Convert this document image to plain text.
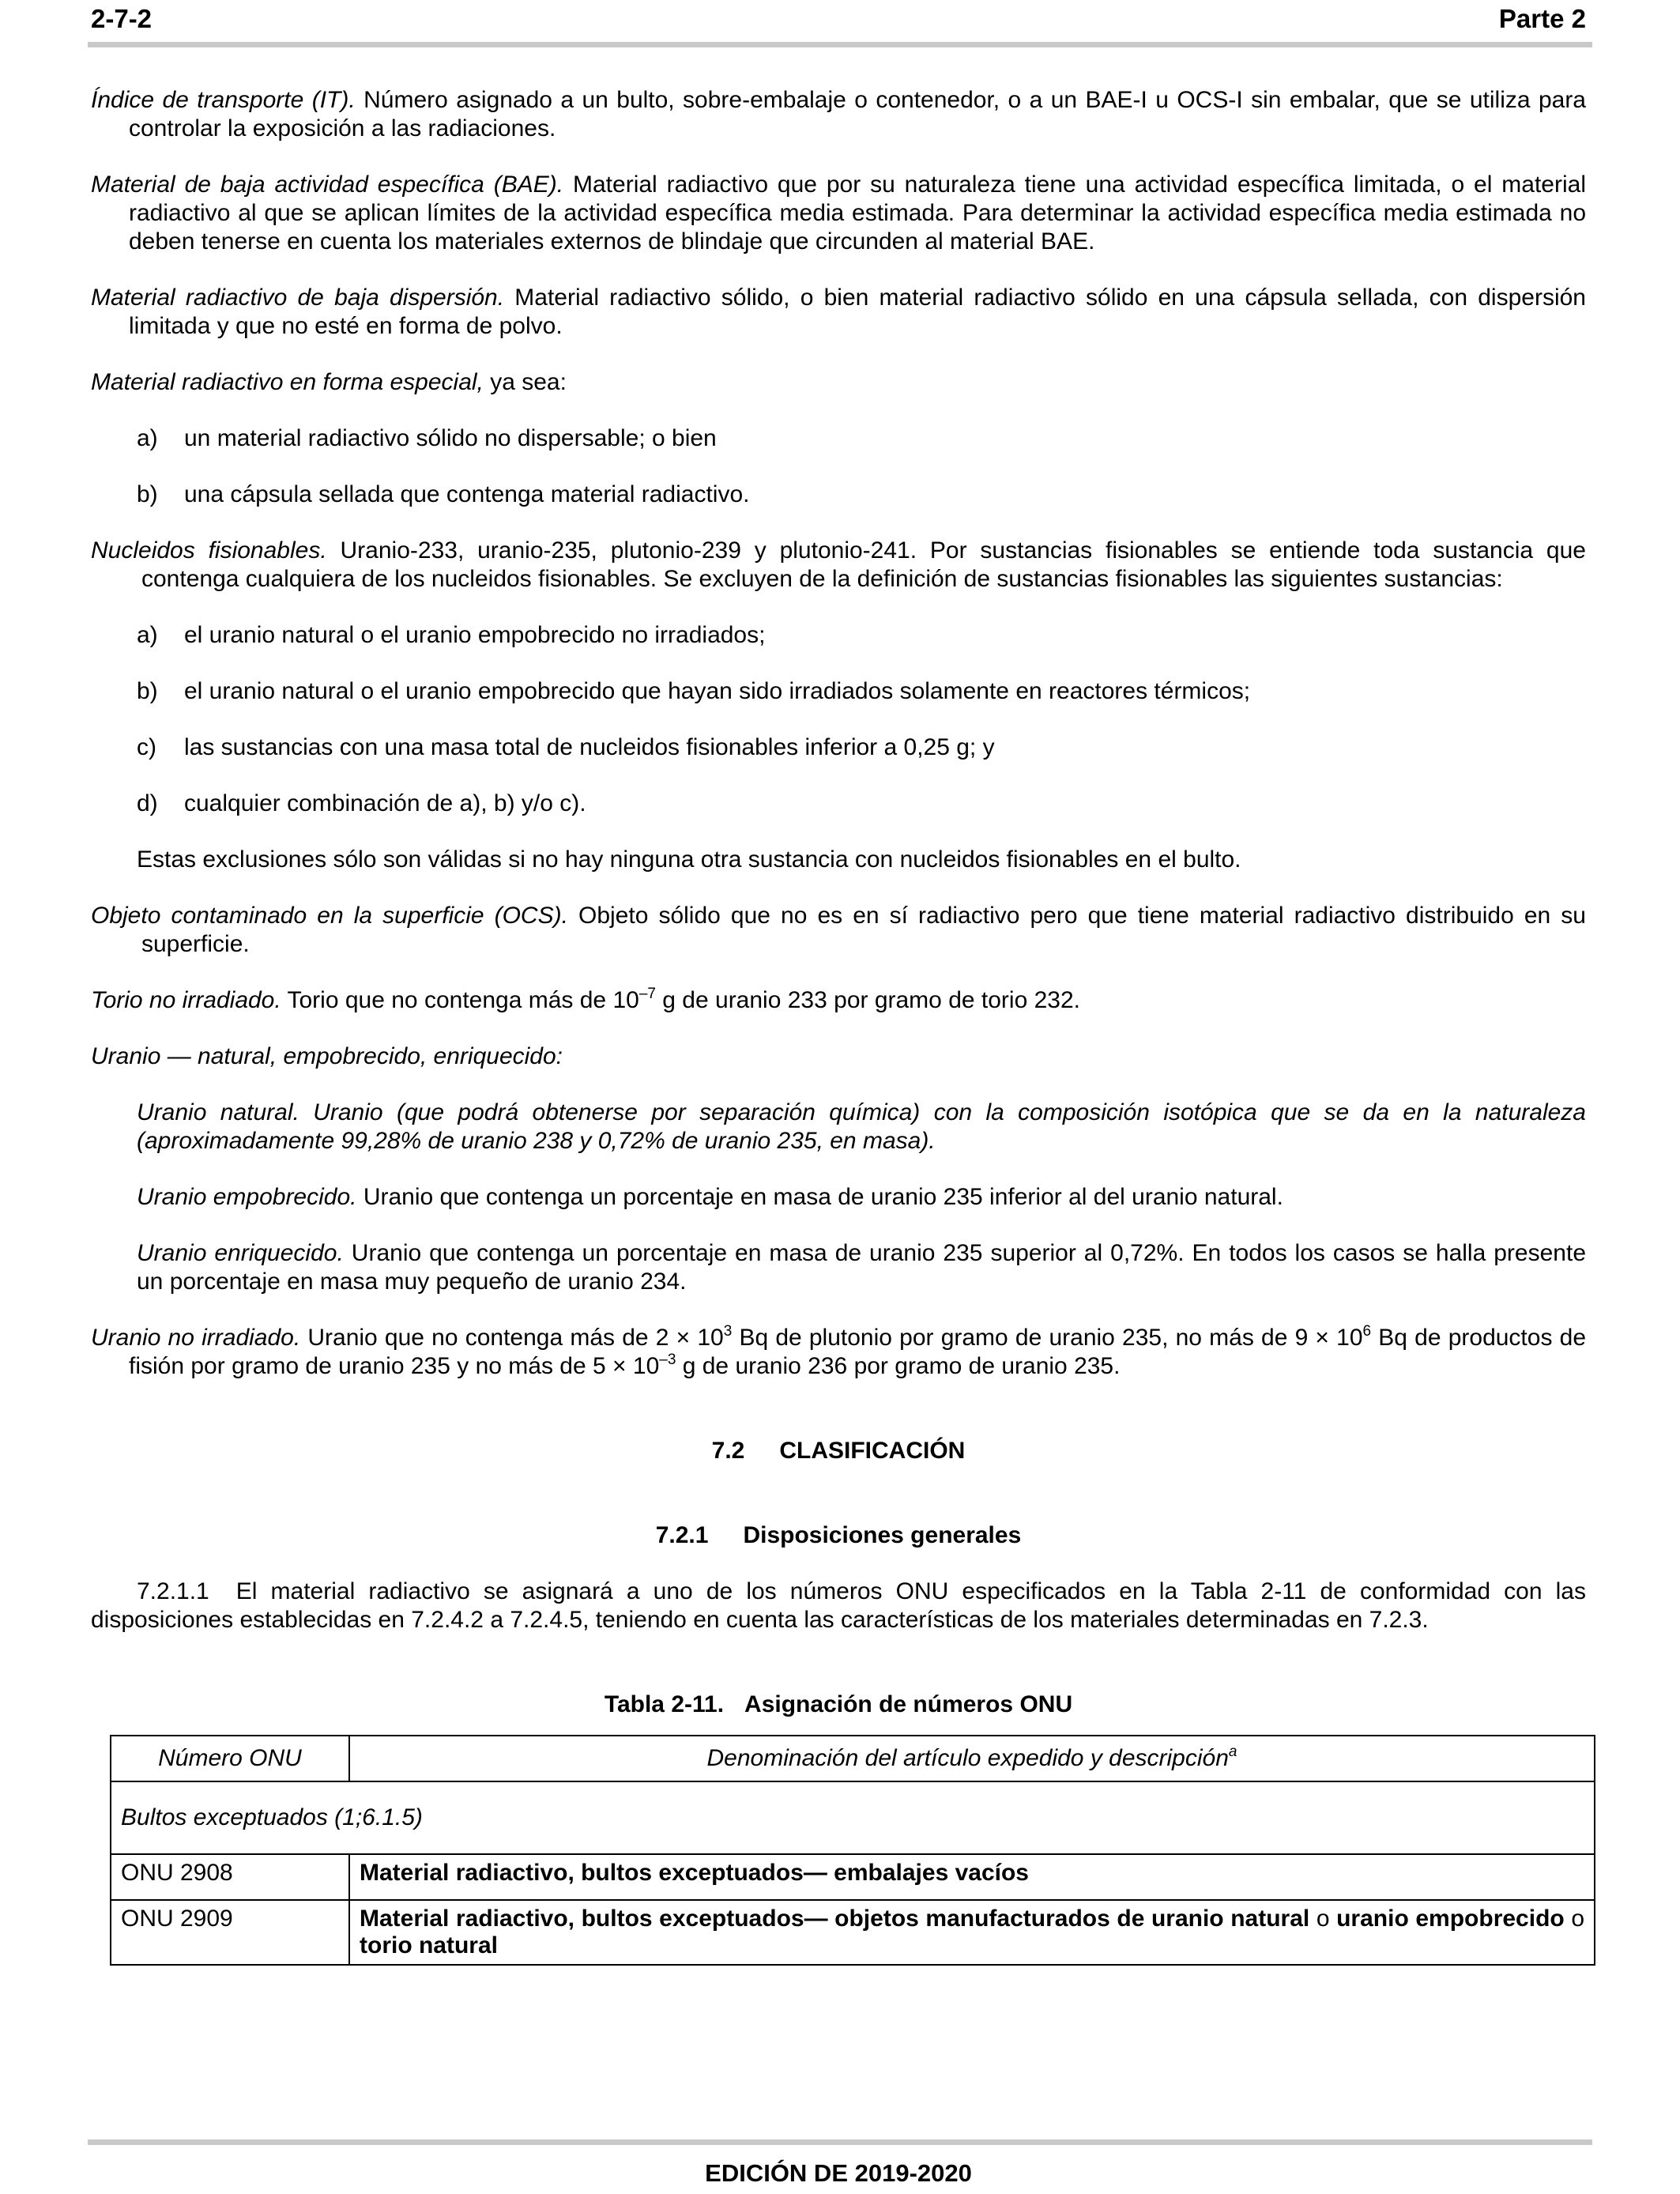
2-7-2	Parte 2

Índice de transporte (IT). Número asignado a un bulto, sobre-embalaje o contenedor, o a un BAE-I u OCS-I sin embalar, que se utiliza para controlar la exposición a las radiaciones.

Material de baja actividad específica (BAE). Material radiactivo que por su naturaleza tiene una actividad específica limitada, o el material radiactivo al que se aplican límites de la actividad específica media estimada. Para determinar la actividad específica media estimada no deben tenerse en cuenta los materiales externos de blindaje que circunden al material BAE.

Material radiactivo de baja dispersión. Material radiactivo sólido, o bien material radiactivo sólido en una cápsula sellada, con dispersión limitada y que no esté en forma de polvo.

Material radiactivo en forma especial, ya sea:

a) un material radiactivo sólido no dispersable; o bien

b) una cápsula sellada que contenga material radiactivo.

Nucleidos fisionables. Uranio-233, uranio-235, plutonio-239 y plutonio-241. Por sustancias fisionables se entiende toda sustancia que contenga cualquiera de los nucleidos fisionables. Se excluyen de la definición de sustancias fisionables las siguientes sustancias:

a) el uranio natural o el uranio empobrecido no irradiados;

b) el uranio natural o el uranio empobrecido que hayan sido irradiados solamente en reactores térmicos;

c) las sustancias con una masa total de nucleidos fisionables inferior a 0,25 g; y

d) cualquier combinación de a), b) y/o c).

Estas exclusiones sólo son válidas si no hay ninguna otra sustancia con nucleidos fisionables en el bulto.

Objeto contaminado en la superficie (OCS). Objeto sólido que no es en sí radiactivo pero que tiene material radiactivo distribuido en su superficie.

Torio no irradiado. Torio que no contenga más de $10^{-7}$ g de uranio 233 por gramo de torio 232.

Uranio — natural, empobrecido, enriquecido:

Uranio natural. Uranio (que podrá obtenerse por separación química) con la composición isotópica que se da en la naturaleza (aproximadamente 99,28% de uranio 238 y 0,72% de uranio 235, en masa).

Uranio empobrecido. Uranio que contenga un porcentaje en masa de uranio 235 inferior al del uranio natural.

Uranio enriquecido. Uranio que contenga un porcentaje en masa de uranio 235 superior al 0,72%. En todos los casos se halla presente un porcentaje en masa muy pequeño de uranio 234.

Uranio no irradiado. Uranio que no contenga más de $2 \times 10^3$ Bq de plutonio por gramo de uranio 235, no más de $9 \times 10^6$ Bq de productos de fisión por gramo de uranio 235 y no más de $5 \times 10^{-3}$ g de uranio 236 por gramo de uranio 235.

7.2 CLASIFICACIÓN

7.2.1 Disposiciones generales

7.2.1.1 El material radiactivo se asignará a uno de los números ONU especificados en la Tabla 2-11 de conformidad con las disposiciones establecidas en 7.2.4.2 a 7.2.4.5, teniendo en cuenta las características de los materiales determinadas en 7.2.3.

Tabla 2-11. Asignación de números ONU

Número ONU	Denominación del artículo expedido y descripción$^a$
Bultos exceptuados (1;6.1.5)	
ONU 2908	Material radiactivo, bultos exceptuados— embalajes vacíos
ONU 2909	Material radiactivo, bultos exceptuados— objetos manufacturados de uranio natural o uranio empobrecido o torio natural
EDICIÓN DE 2019-2020
